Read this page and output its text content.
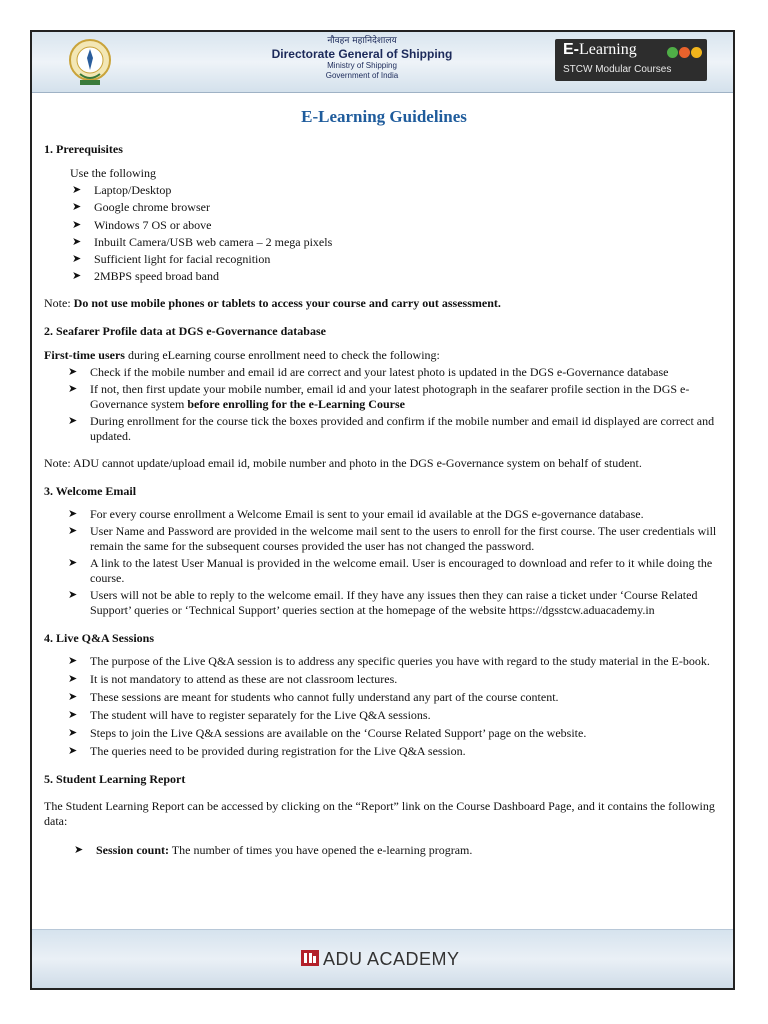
नौवहन महानिदेशालय
Directorate General of Shipping
Ministry of Shipping
Government of India
E-Learning
STCW Modular Courses
E-Learning Guidelines

1. Prerequisites

Use the following

➤ Laptop/Desktop
➤ Google chrome browser
➤ Windows 7 OS or above
➤ Inbuilt Camera/USB web camera – 2 mega pixels
➤ Sufficient light for facial recognition
➤ 2MBPS speed broad band

Note: Do not use mobile phones or tablets to access your course and carry out assessment.

2. Seafarer Profile data at DGS e-Governance database

First-time users during eLearning course enrollment need to check the following:

➤ Check if the mobile number and email id are correct and your latest photo is updated in the DGS e-Governance database
➤ If not, then first update your mobile number, email id and your latest photograph in the seafarer profile section in the DGS e-Governance system before enrolling for the e-Learning Course
➤ During enrollment for the course tick the boxes provided and confirm if the mobile number and email id displayed are correct and updated.

Note: ADU cannot update/upload email id, mobile number and photo in the DGS e-Governance system on behalf of student.

3. Welcome Email

➤ For every course enrollment a Welcome Email is sent to your email id available at the DGS e-governance database.
➤ User Name and Password are provided in the welcome mail sent to the users to enroll for the first course. The user credentials will remain the same for the subsequent courses provided the user has not changed the password.
➤ A link to the latest User Manual is provided in the welcome email. User is encouraged to download and refer to it while doing the course.
➤ Users will not be able to reply to the welcome email. If they have any issues then they can raise a ticket under ‘Course Related Support’ queries or ‘Technical Support’ queries section at the homepage of the website https://dgsstcw.aduacademy.in

4. Live Q&A Sessions

➤ The purpose of the Live Q&A session is to address any specific queries you have with regard to the study material in the E-book.
➤ It is not mandatory to attend as these are not classroom lectures.
➤ These sessions are meant for students who cannot fully understand any part of the course content.
➤ The student will have to register separately for the Live Q&A sessions.
➤ Steps to join the Live Q&A sessions are available on the ‘Course Related Support’ page on the website.
➤ The queries need to be provided during registration for the Live Q&A session.

5. Student Learning Report

The Student Learning Report can be accessed by clicking on the “Report” link on the Course Dashboard Page, and it contains the following data:

➤ Session count: The number of times you have opened the e-learning program.
ADU ACADEMY
